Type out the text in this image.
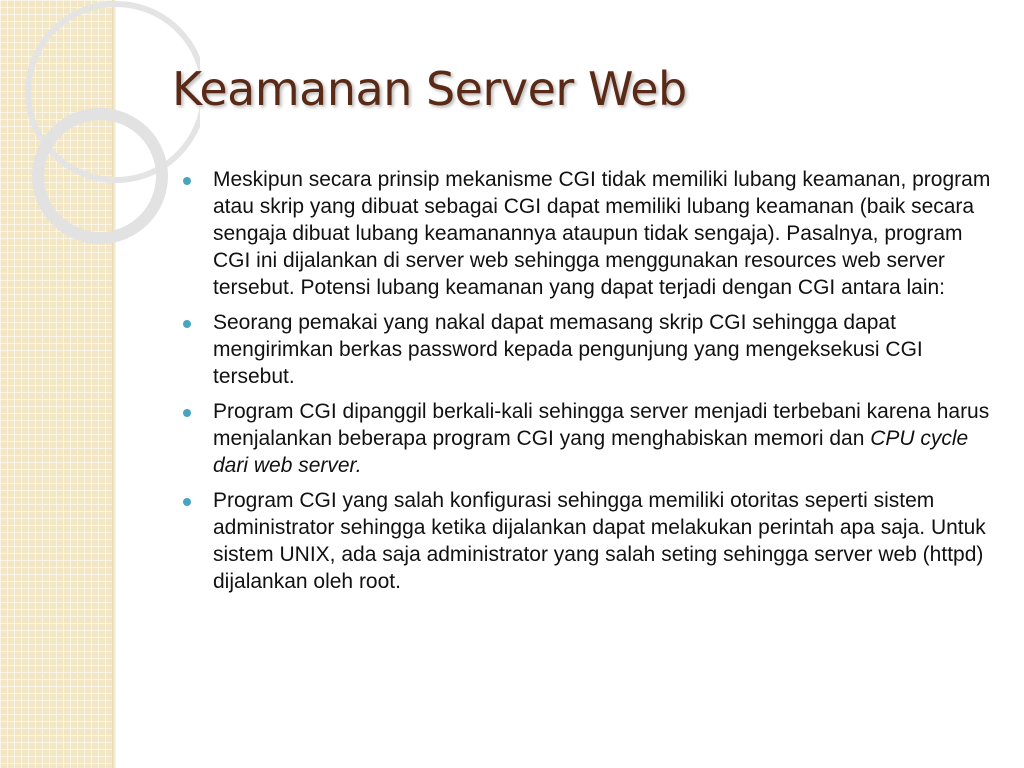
Keamanan Server Web
Meskipun secara prinsip mekanisme CGI tidak memiliki lubang keamanan, program atau skrip yang dibuat sebagai CGI dapat memiliki lubang keamanan (baik secara sengaja dibuat lubang keamanannya ataupun tidak sengaja). Pasalnya, program CGI ini dijalankan di server web sehingga menggunakan resources web server tersebut. Potensi lubang keamanan yang dapat terjadi dengan CGI antara lain:
Seorang pemakai yang nakal dapat memasang skrip CGI sehingga dapat mengirimkan berkas password kepada pengunjung yang mengeksekusi CGI tersebut.
Program CGI dipanggil berkali-kali sehingga server menjadi terbebani karena harus menjalankan beberapa program CGI yang menghabiskan memori dan CPU cycle dari web server.
Program CGI yang salah konfigurasi sehingga memiliki otoritas seperti sistem administrator sehingga ketika dijalankan dapat melakukan perintah apa saja. Untuk sistem UNIX, ada saja administrator yang salah seting sehingga server web (httpd) dijalankan oleh root.
